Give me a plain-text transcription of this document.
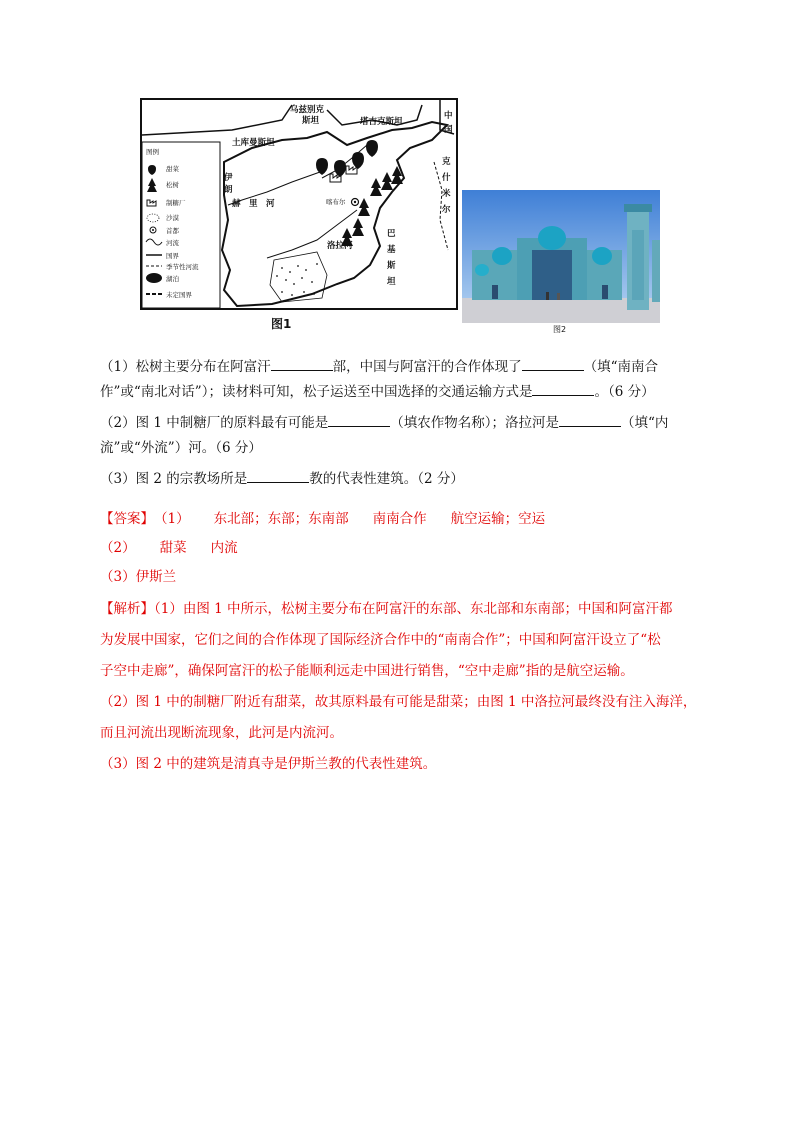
图例
甜菜
松树
制糖厂
沙漠
首都
河流
国界
季节性河流
湖泊
未定国界
土库曼斯坦
乌兹别克
斯坦	塔吉克斯坦
中
国
克
什
米
尔
伊
朗
赫　里　河
洛拉河
巴
基
斯
坦
喀布尔
图1	图2
（1）松树主要分布在阿富汗	部，中国与阿富汗的合作体现了	（填“南南合
作”或“南北对话”）；读材料可知，松子运送至中国选择的交通运输方式是	。（6 分）
（2）图 1 中制糖厂的原料最有可能是	（填农作物名称）；洛拉河是	（填“内
流”或“外流”）河。（6 分）
（3）图 2 的宗教场所是	教的代表性建筑。（2 分）
【答案】（1） 东北部；东部；东南部 南南合作 航空运输；空运
（2） 甜菜 内流
（3）伊斯兰
【解析】（1）由图 1 中所示，松树主要分布在阿富汗的东部、东北部和东南部；中国和阿富汗都
为发展中国家，它们之间的合作体现了国际经济合作中的“南南合作”；中国和阿富汗设立了“松
子空中走廊”，确保阿富汗的松子能顺利远走中国进行销售，“空中走廊”指的是航空运输。
（2）图 1 中的制糖厂附近有甜菜，故其原料最有可能是甜菜；由图 1 中洛拉河最终没有注入海洋，
而且河流出现断流现象，此河是内流河。
（3）图 2 中的建筑是清真寺是伊斯兰教的代表性建筑。
